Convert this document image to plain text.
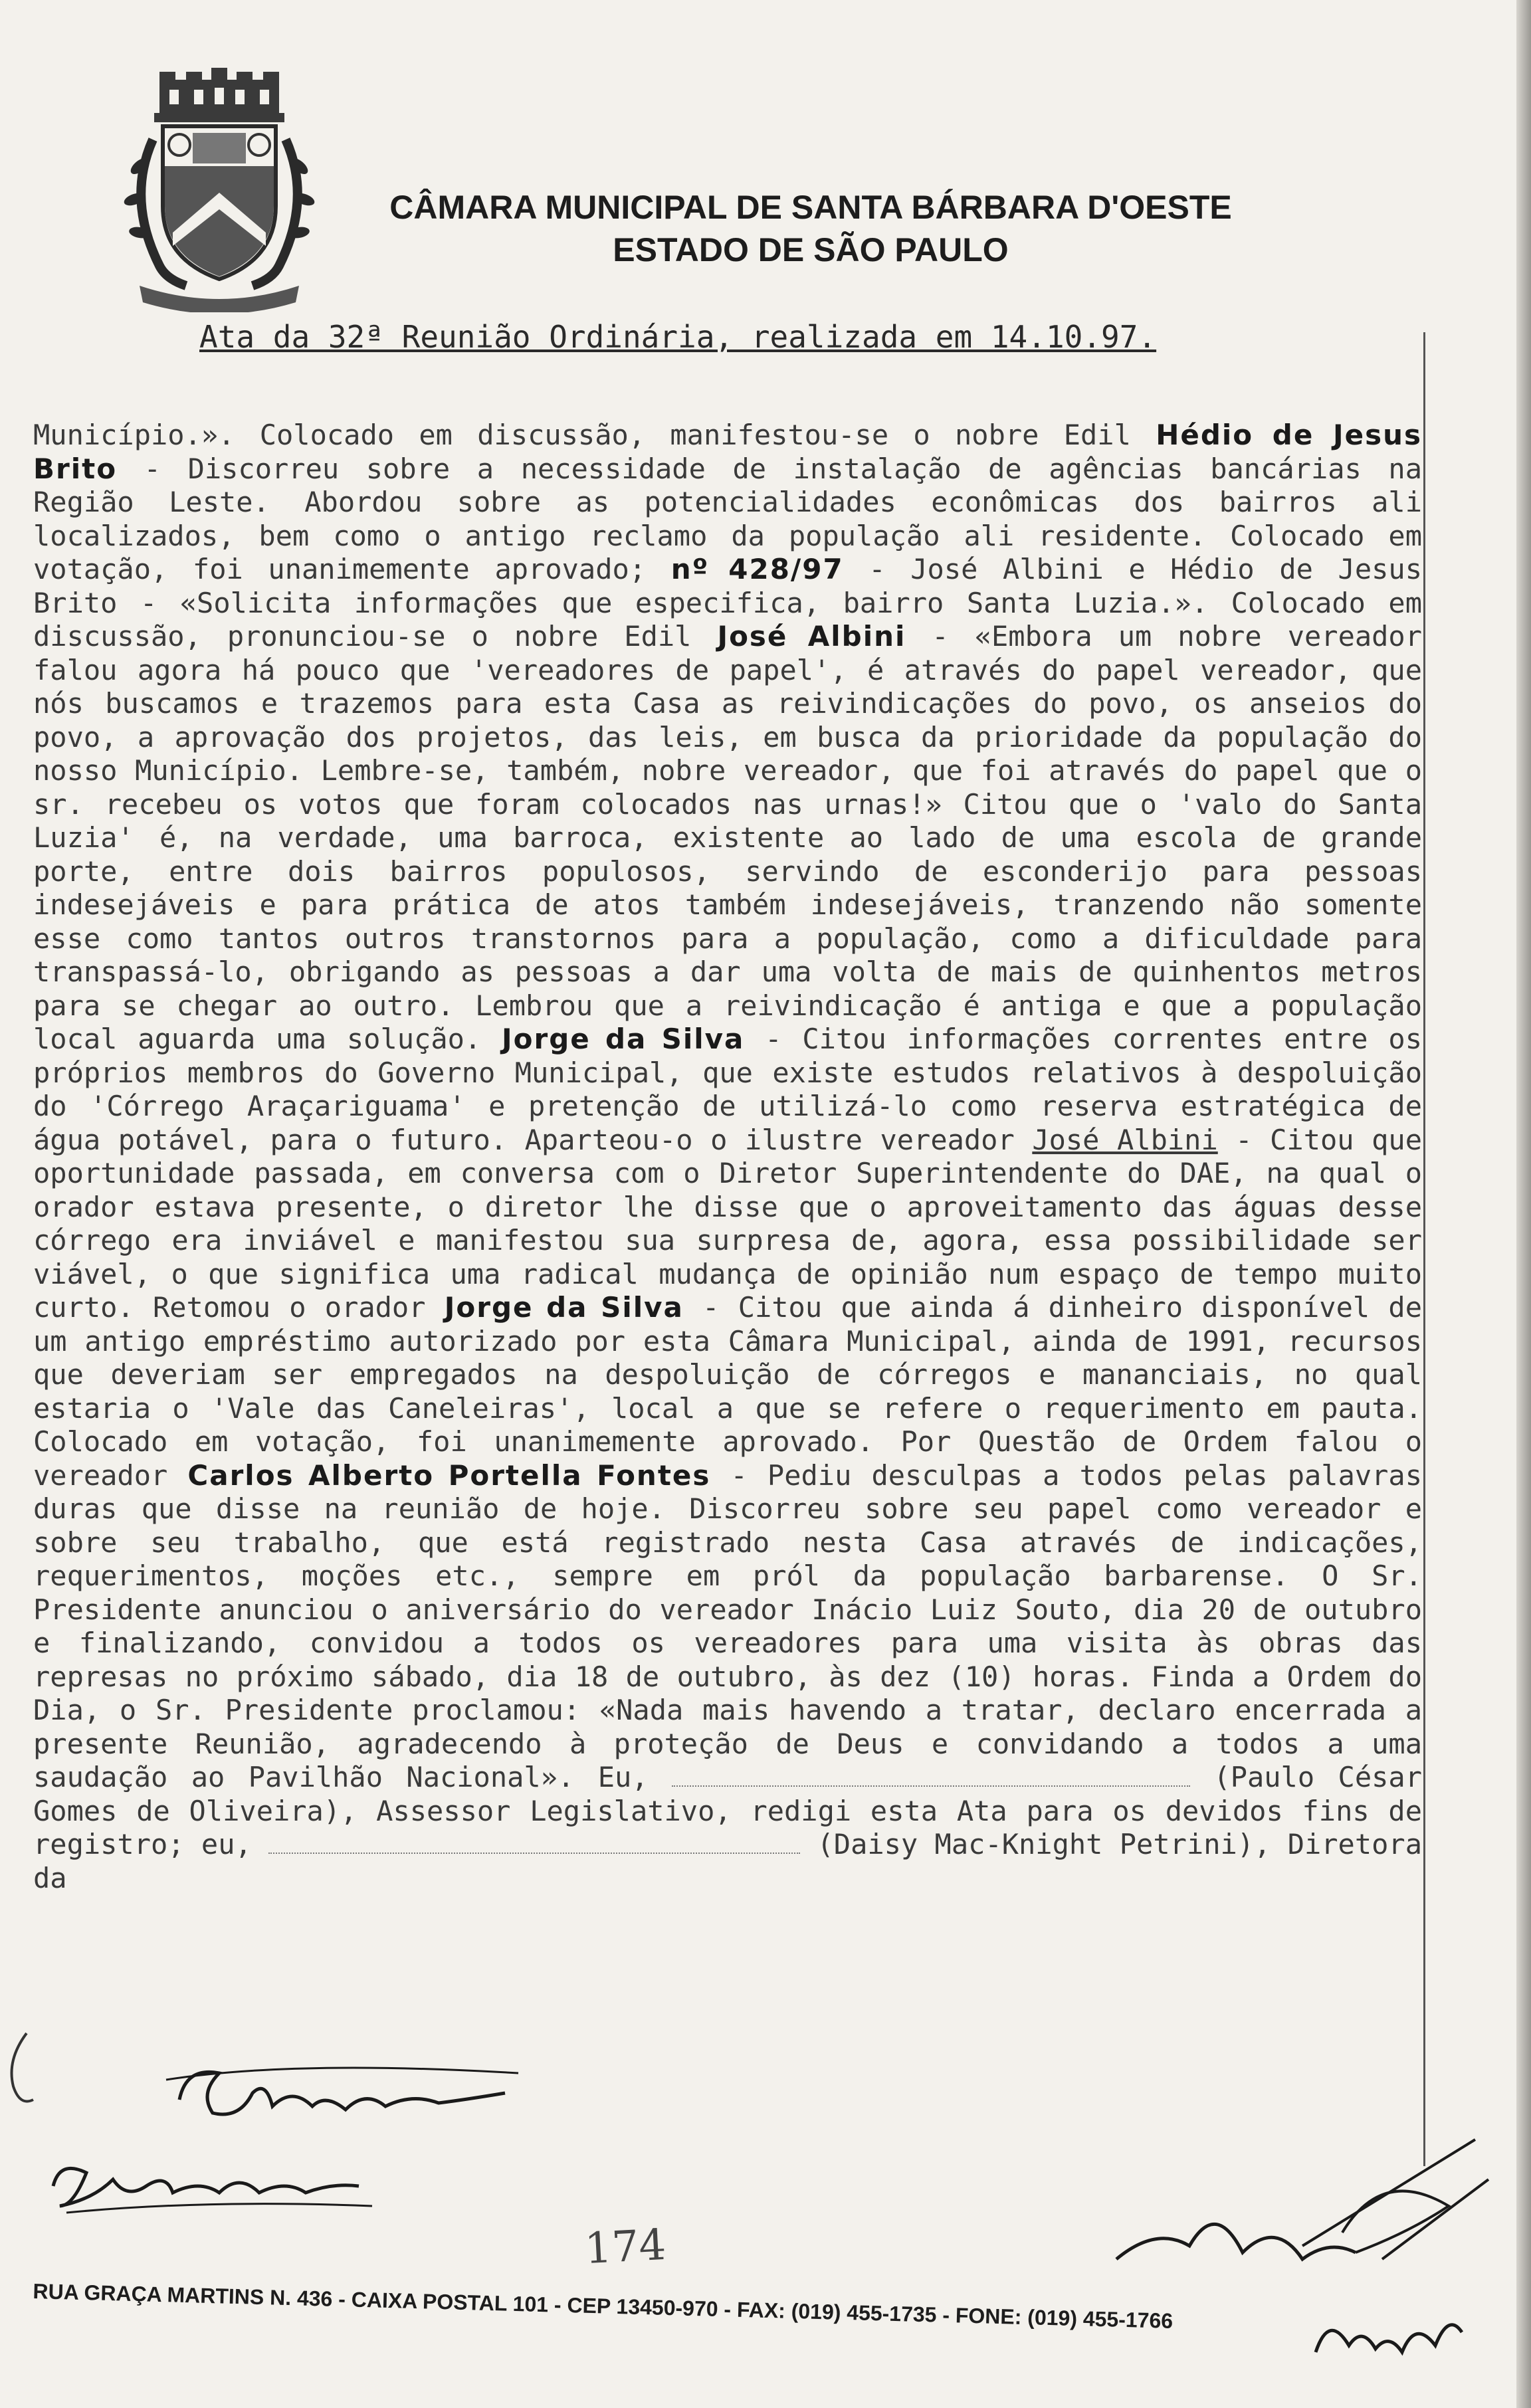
CÂMARA MUNICIPAL DE SANTA BÁRBARA D'OESTE
ESTADO DE SÃO PAULO
Ata da 32ª Reunião Ordinária, realizada em 14.10.97.

Município.». Colocado em discussão, manifestou-se o nobre Edil Hédio de Jesus Brito - Discorreu sobre a necessidade de instalação de agências bancárias na Região Leste. Abordou sobre as potencialidades econômicas dos bairros ali localizados, bem como o antigo reclamo da população ali residente. Colocado em votação, foi unanimemente aprovado; nº 428/97 - José Albini e Hédio de Jesus Brito - «Solicita informações que especifica, bairro Santa Luzia.». Colocado em discussão, pronunciou-se o nobre Edil José Albini - «Embora um nobre vereador falou agora há pouco que 'vereadores de papel', é através do papel vereador, que nós buscamos e trazemos para esta Casa as reivindicações do povo, os anseios do povo, a aprovação dos projetos, das leis, em busca da prioridade da população do nosso Município. Lembre-se, também, nobre vereador, que foi através do papel que o sr. recebeu os votos que foram colocados nas urnas!» Citou que o 'valo do Santa Luzia' é, na verdade, uma barroca, existente ao lado de uma escola de grande porte, entre dois bairros populosos, servindo de esconderijo para pessoas indesejáveis e para prática de atos também indesejáveis, tranzendo não somente esse como tantos outros transtornos para a população, como a dificuldade para transpassá-lo, obrigando as pessoas a dar uma volta de mais de quinhentos metros para se chegar ao outro. Lembrou que a reivindicação é antiga e que a população local aguarda uma solução. Jorge da Silva - Citou informações correntes entre os próprios membros do Governo Municipal, que existe estudos relativos à despoluição do 'Córrego Araçariguama' e pretenção de utilizá-lo como reserva estratégica de água potável, para o futuro. Aparteou-o o ilustre vereador José Albini - Citou que oportunidade passada, em conversa com o Diretor Superintendente do DAE, na qual o orador estava presente, o diretor lhe disse que o aproveitamento das águas desse córrego era inviável e manifestou sua surpresa de, agora, essa possibilidade ser viável, o que significa uma radical mudança de opinião num espaço de tempo muito curto. Retomou o orador Jorge da Silva - Citou que ainda á dinheiro disponível de um antigo empréstimo autorizado por esta Câmara Municipal, ainda de 1991, recursos que deveriam ser empregados na despoluição de córregos e mananciais, no qual estaria o 'Vale das Caneleiras', local a que se refere o requerimento em pauta. Colocado em votação, foi unanimemente aprovado. Por Questão de Ordem falou o vereador Carlos Alberto Portella Fontes - Pediu desculpas a todos pelas palavras duras que disse na reunião de hoje. Discorreu sobre seu papel como vereador e sobre seu trabalho, que está registrado nesta Casa através de indicações, requerimentos, moções etc., sempre em pról da população barbarense. O Sr. Presidente anunciou o aniversário do vereador Inácio Luiz Souto, dia 20 de outubro e finalizando, convidou a todos os vereadores para uma visita às obras das represas no próximo sábado, dia 18 de outubro, às dez (10) horas. Finda a Ordem do Dia, o Sr. Presidente proclamou: «Nada mais havendo a tratar, declaro encerrada a presente Reunião, agradecendo à proteção de Deus e convidando a todos a uma saudação ao Pavilhão Nacional». Eu,	(Paulo César Gomes de Oliveira), Assessor Legislativo, redigi esta Ata para os devidos fins de registro; eu,	(Daisy Mac-Knight Petrini), Diretora da

174
RUA GRAÇA MARTINS N. 436 - CAIXA POSTAL 101 - CEP 13450-970 - FAX: (019) 455-1735 - FONE: (019) 455-1766
